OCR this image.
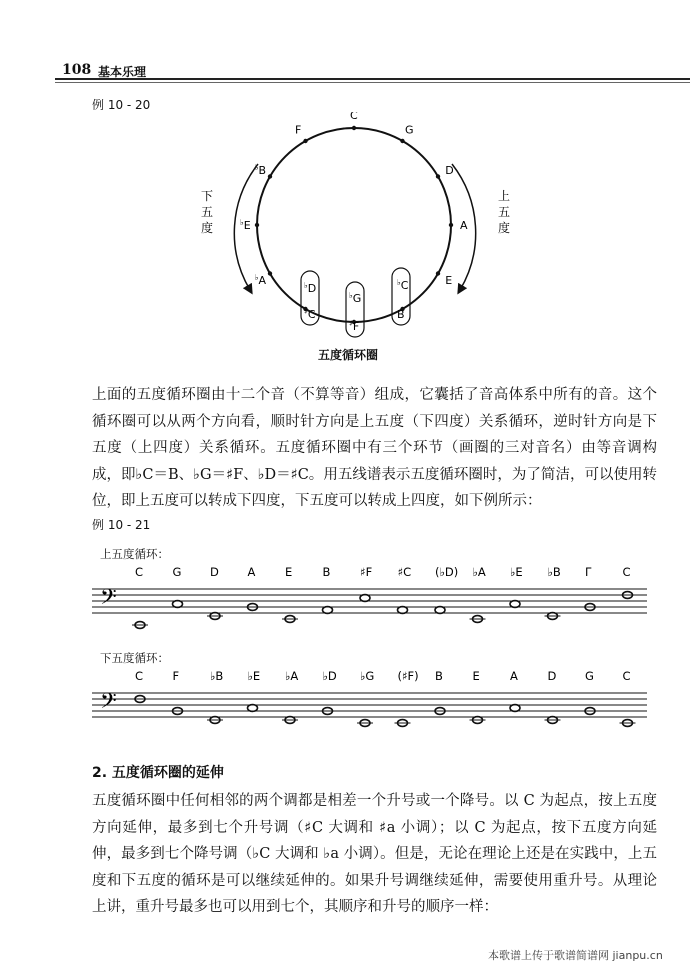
108 基本乐理
例 10 - 20
C
G
D
A
E
♭C
♭G
♭D
♭A
♭E
♭B
F
♯C
♯F
B
下
五
度
上
五
度
五度循环圈

上面的五度循环圈由十二个音（不算等音）组成，它囊括了音高体系中所有的音。这个循环圈可以从两个方向看，顺时针方向是上五度（下四度）关系循环，逆时针方向是下五度（上四度）关系循环。五度循环圈中有三个环节（画圈的三对音名）由等音调构成，即♭C＝B、♭G＝♯F、♭D＝♯C。用五线谱表示五度循环圈时，为了简洁，可以使用转位，即上五度可以转成下四度，下五度可以转成上四度，如下例所示：

例 10 - 21
上五度循环：
C	G D A	E	B	♯F ♯C (♭D) ♭A ♭E ♭B Г	C
𝄢
下五度循环：
C	F	♭B ♭E ♭A ♭D ♭G (♯F) B	E	A	D G C
𝄢
2. 五度循环圈的延伸

五度循环圈中任何相邻的两个调都是相差一个升号或一个降号。以 C 为起点，按上五度方向延伸，最多到七个升号调（♯C 大调和 ♯a 小调）；以 C 为起点，按下五度方向延伸，最多到七个降号调（♭C 大调和 ♭a 小调）。但是，无论在理论上还是在实践中，上五度和下五度的循环是可以继续延伸的。如果升号调继续延伸，需要使用重升号。从理论上讲，重升号最多也可以用到七个，其顺序和升号的顺序一样：

本歌谱上传于歌谱简谱网 jianpu.cn
